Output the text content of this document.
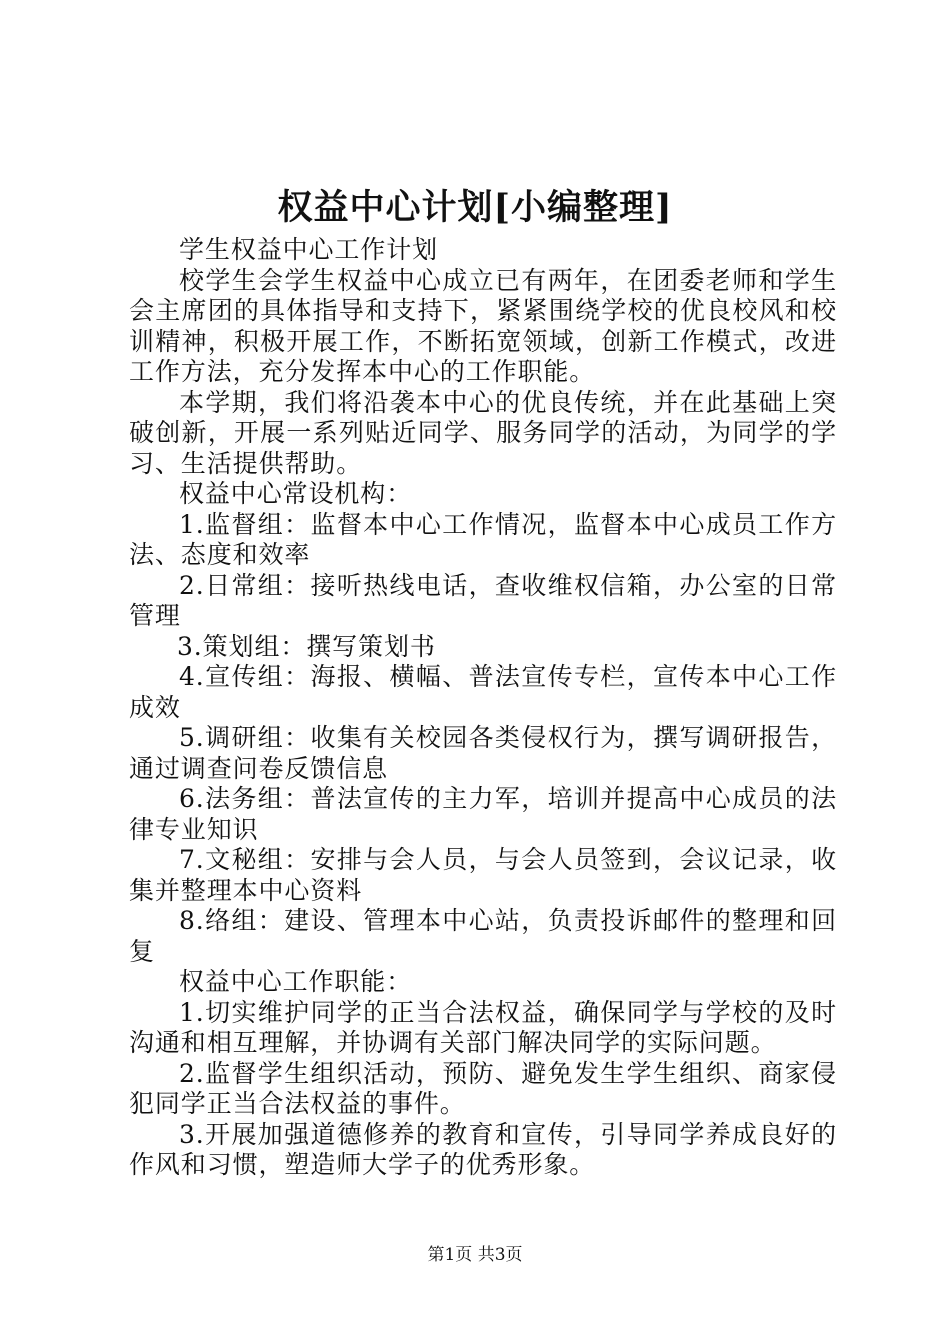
权益中心计划[小编整理]

学生权益中心工作计划

校学生会学生权益中心成立已有两年，在团委老师和学生会主席团的具体指导和支持下，紧紧围绕学校的优良校风和校训精神，积极开展工作，不断拓宽领域，创新工作模式，改进工作方法，充分发挥本中心的工作职能。

本学期，我们将沿袭本中心的优良传统，并在此基础上突破创新，开展一系列贴近同学、服务同学的活动，为同学的学习、生活提供帮助。

权益中心常设机构：

1.监督组：监督本中心工作情况，监督本中心成员工作方法、态度和效率

2.日常组：接听热线电话，查收维权信箱，办公室的日常管理

3.策划组：撰写策划书

4.宣传组：海报、横幅、普法宣传专栏，宣传本中心工作成效

5.调研组：收集有关校园各类侵权行为，撰写调研报告，通过调查问卷反馈信息

6.法务组：普法宣传的主力军，培训并提高中心成员的法律专业知识

7.文秘组：安排与会人员，与会人员签到，会议记录，收集并整理本中心资料

8.络组：建设、管理本中心站，负责投诉邮件的整理和回复

权益中心工作职能：

1.切实维护同学的正当合法权益，确保同学与学校的及时沟通和相互理解，并协调有关部门解决同学的实际问题。

2.监督学生组织活动，预防、避免发生学生组织、商家侵犯同学正当合法权益的事件。

3.开展加强道德修养的教育和宣传，引导同学养成良好的作风和习惯，塑造师大学子的优秀形象。

第1页 共3页
